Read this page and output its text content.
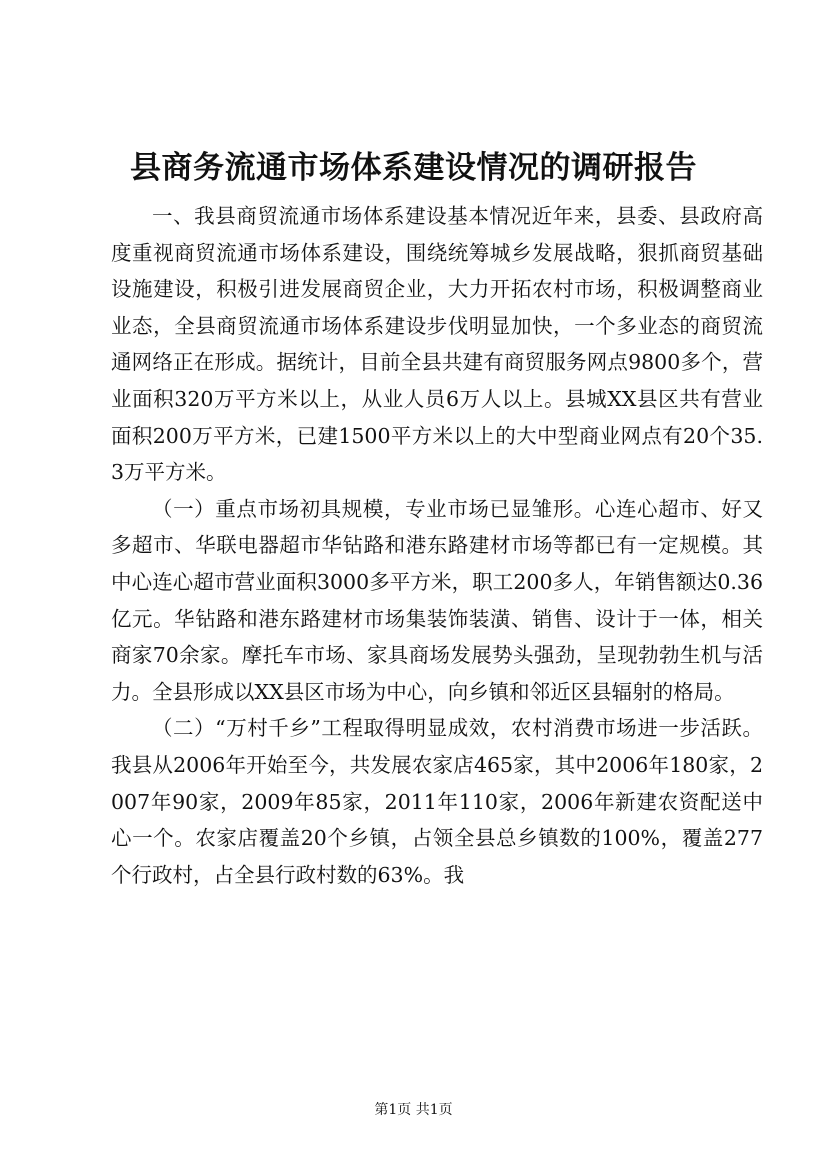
县商务流通市场体系建设情况的调研报告

一、我县商贸流通市场体系建设基本情况近年来，县委、县政府高度重视商贸流通市场体系建设，围绕统筹城乡发展战略，狠抓商贸基础设施建设，积极引进发展商贸企业，大力开拓农村市场，积极调整商业业态，全县商贸流通市场体系建设步伐明显加快，一个多业态的商贸流通网络正在形成。据统计，目前全县共建有商贸服务网点9800多个，营业面积320万平方米以上，从业人员6万人以上。县城XX县区共有营业面积200万平方米，已建1500平方米以上的大中型商业网点有20个35.3万平方米。

（一）重点市场初具规模，专业市场已显雏形。心连心超市、好又多超市、华联电器超市华钻路和港东路建材市场等都已有一定规模。其中心连心超市营业面积3000多平方米，职工200多人，年销售额达0.36亿元。华钻路和港东路建材市场集装饰装潢、销售、设计于一体，相关商家70余家。摩托车市场、家具商场发展势头强劲，呈现勃勃生机与活力。全县形成以XX县区市场为中心，向乡镇和邻近区县辐射的格局。

（二）“万村千乡”工程取得明显成效，农村消费市场进一步活跃。我县从2006年开始至今，共发展农家店465家，其中2006年180家，2007年90家，2009年85家，2011年110家，2006年新建农资配送中心一个。农家店覆盖20个乡镇，占领全县总乡镇数的100%，覆盖277个行政村，占全县行政村数的63%。我

第1页 共1页
